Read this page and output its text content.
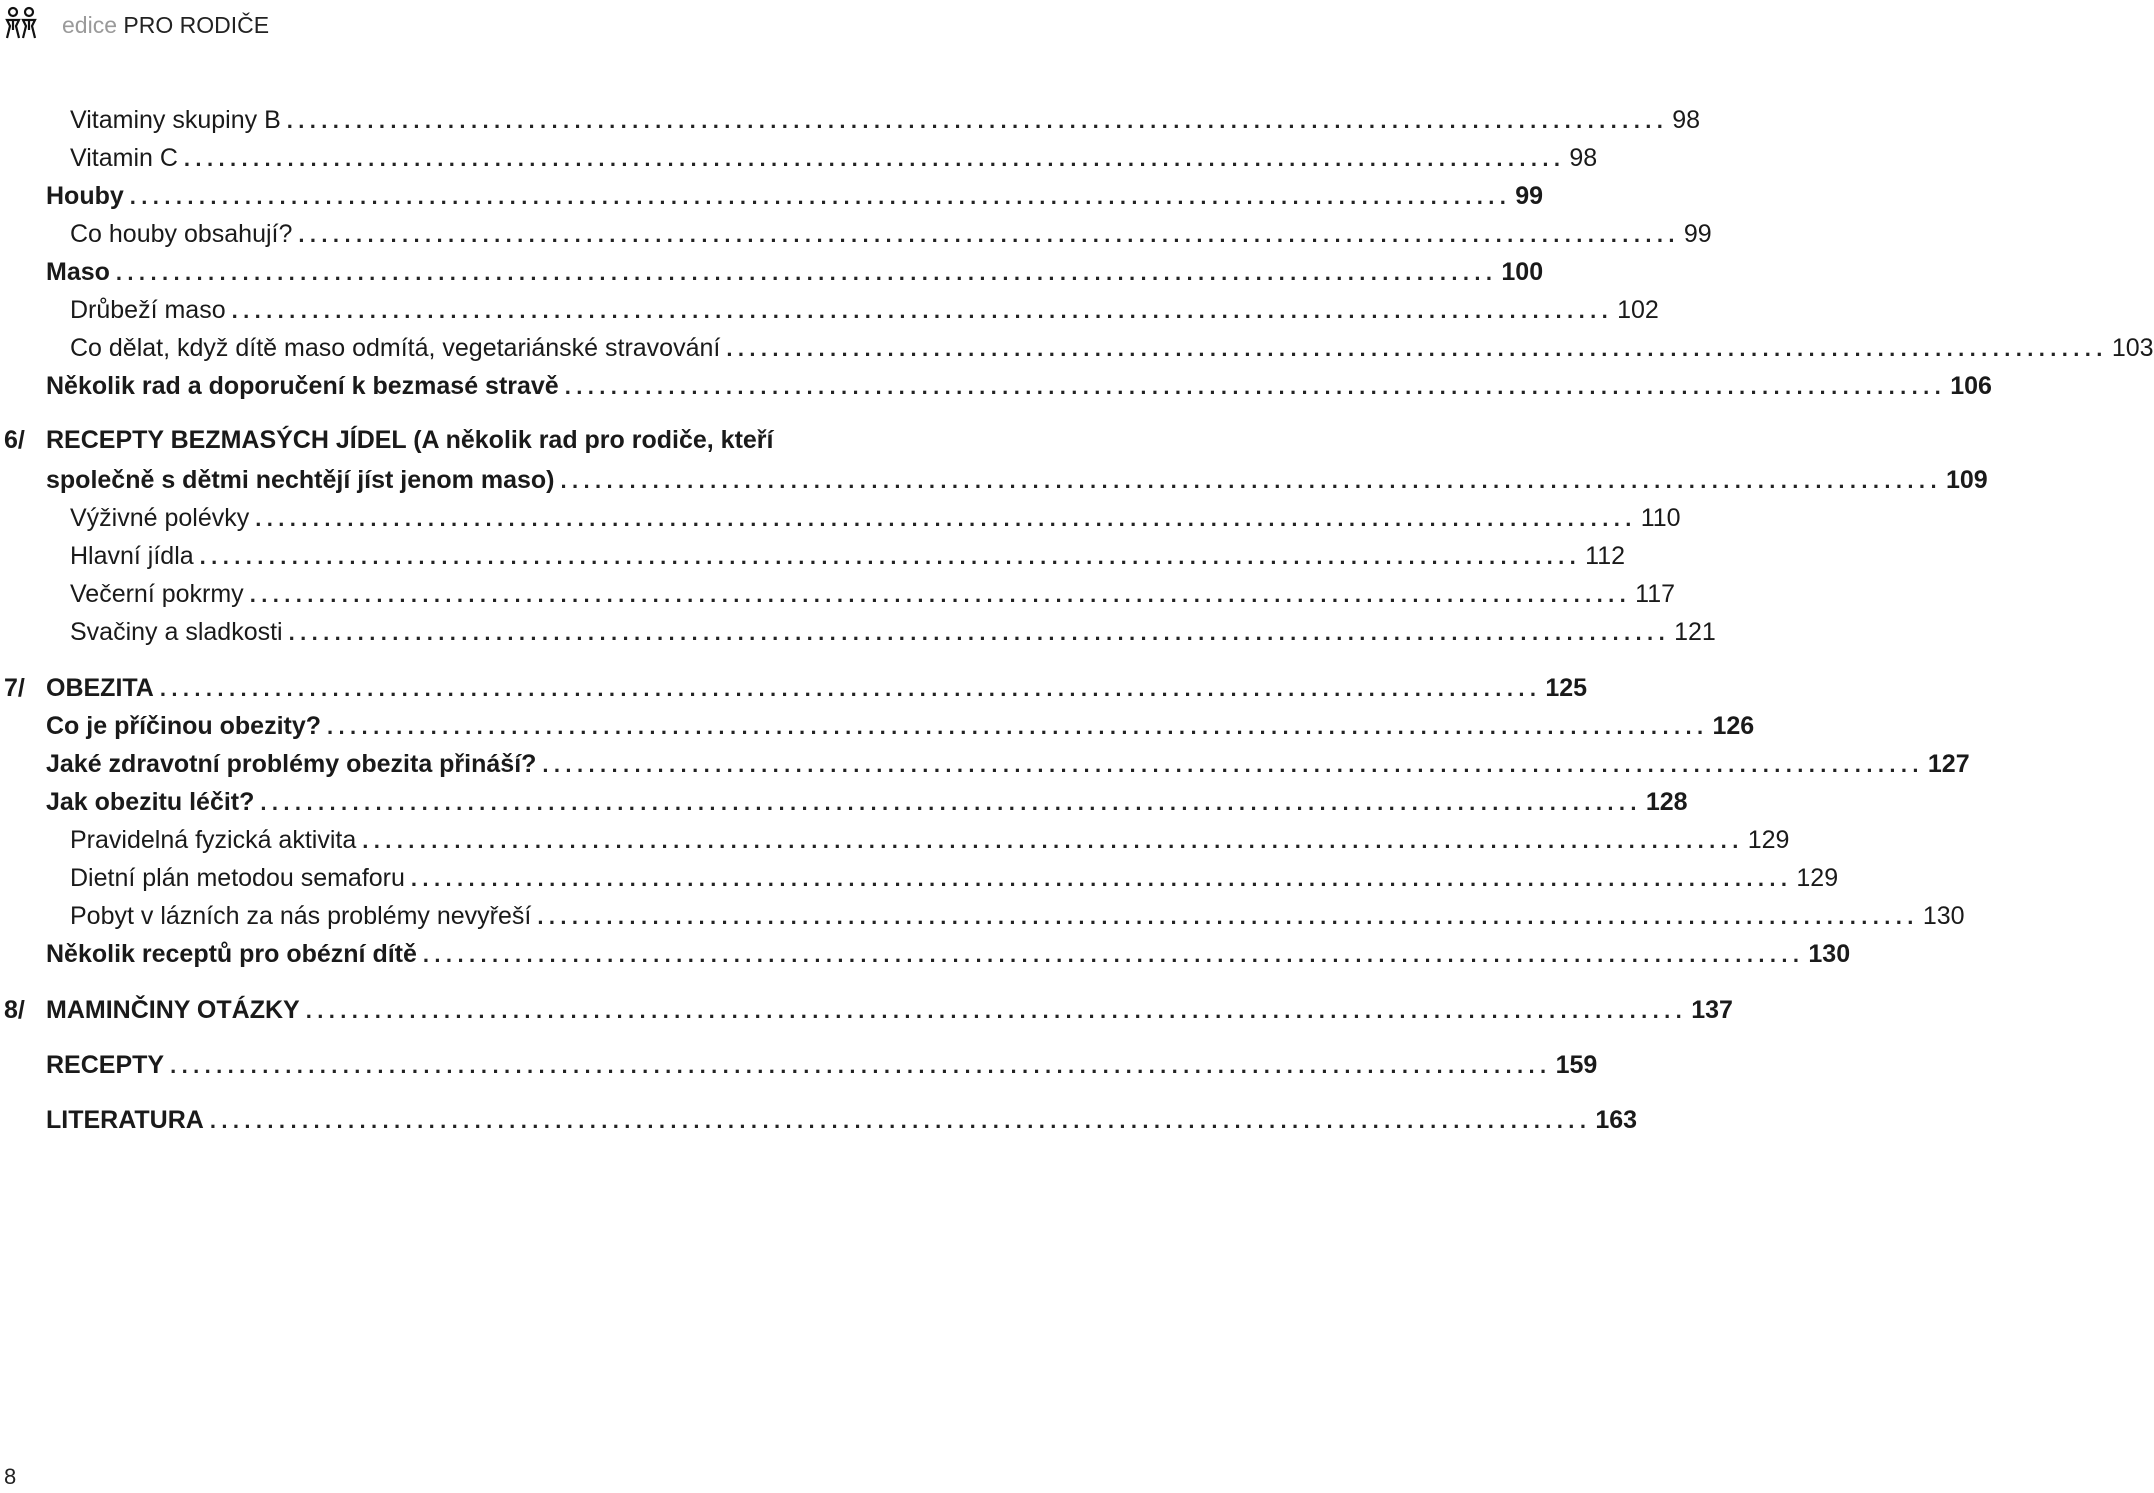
edice PRO RODIČE
Vitaminy skupiny B ........................................................................................................................ 98
Vitamin C ........................................................................................................................ 98
Houby ........................................................................................................................ 99
Co houby obsahují? ........................................................................................................................ 99
Maso ........................................................................................................................ 100
Drůbeží maso ........................................................................................................................ 102
Co dělat, když dítě maso odmítá, vegetariánské stravování ........................................................................................................................ 103
Několik rad a doporučení k bezmasé stravě ........................................................................................................................ 106
6/ RECEPTY BEZMASÝCH JÍDEL (A několik rad pro rodiče, kteří
společně s dětmi nechtějí jíst jenom maso) ........................................................................................................................ 109
Výživné polévky ........................................................................................................................ 110
Hlavní jídla ........................................................................................................................ 112
Večerní pokrmy ........................................................................................................................ 117
Svačiny a sladkosti ........................................................................................................................ 121
7/ OBEZITA ........................................................................................................................ 125
Co je příčinou obezity? ........................................................................................................................ 126
Jaké zdravotní problémy obezita přináší? ........................................................................................................................ 127
Jak obezitu léčit? ........................................................................................................................ 128
Pravidelná fyzická aktivita ........................................................................................................................ 129
Dietní plán metodou semaforu ........................................................................................................................ 129
Pobyt v lázních za nás problémy nevyřeší ........................................................................................................................ 130
Několik receptů pro obézní dítě ........................................................................................................................ 130
8/ MAMINČINY OTÁZKY ........................................................................................................................ 137
RECEPTY ........................................................................................................................ 159
LITERATURA ........................................................................................................................ 163
8
